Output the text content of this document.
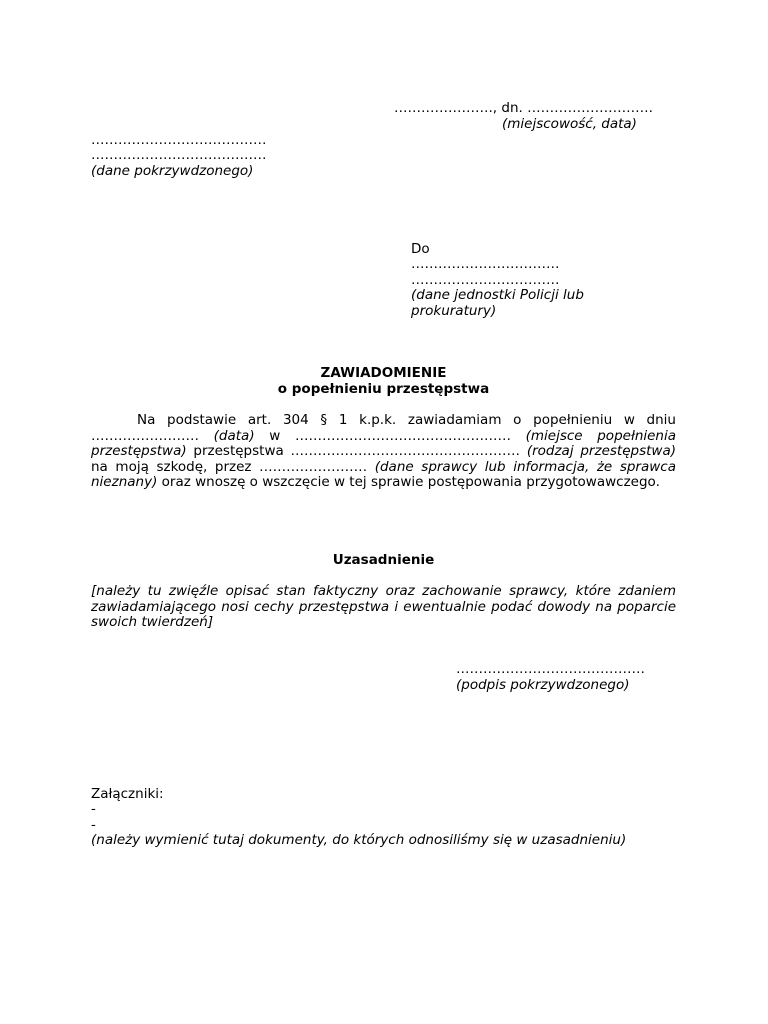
…………………., dn. ……………………….
(miejscowość, data)
…………………………………
…………………………………
(dane pokrzywdzonego)
Do
……………………………
……………………………
(dane jednostki Policji lub
prokuratury)
ZAWIADOMIENIE
o popełnieniu przestępstwa

Na podstawie art. 304 § 1 k.p.k. zawiadamiam o popełnieniu w dniu …………………… (data) w ………………………………………… (miejsce popełnienia przestępstwa) przestępstwa …………………………………………… (rodzaj przestępstwa) na moją szkodę, przez …………………… (dane sprawcy lub informacja, że sprawca nieznany) oraz wnoszę o wszczęcie w tej sprawie postępowania przygotowawczego.

Uzasadnienie

[należy tu zwięźle opisać stan faktyczny oraz zachowanie sprawcy, które zdaniem zawiadamiającego nosi cechy przestępstwa i ewentualnie podać dowody na poparcie swoich twierdzeń]

……………………………………
(podpis pokrzywdzonego)
Załączniki:
-
-
(należy wymienić tutaj dokumenty, do których odnosiliśmy się w uzasadnieniu)
